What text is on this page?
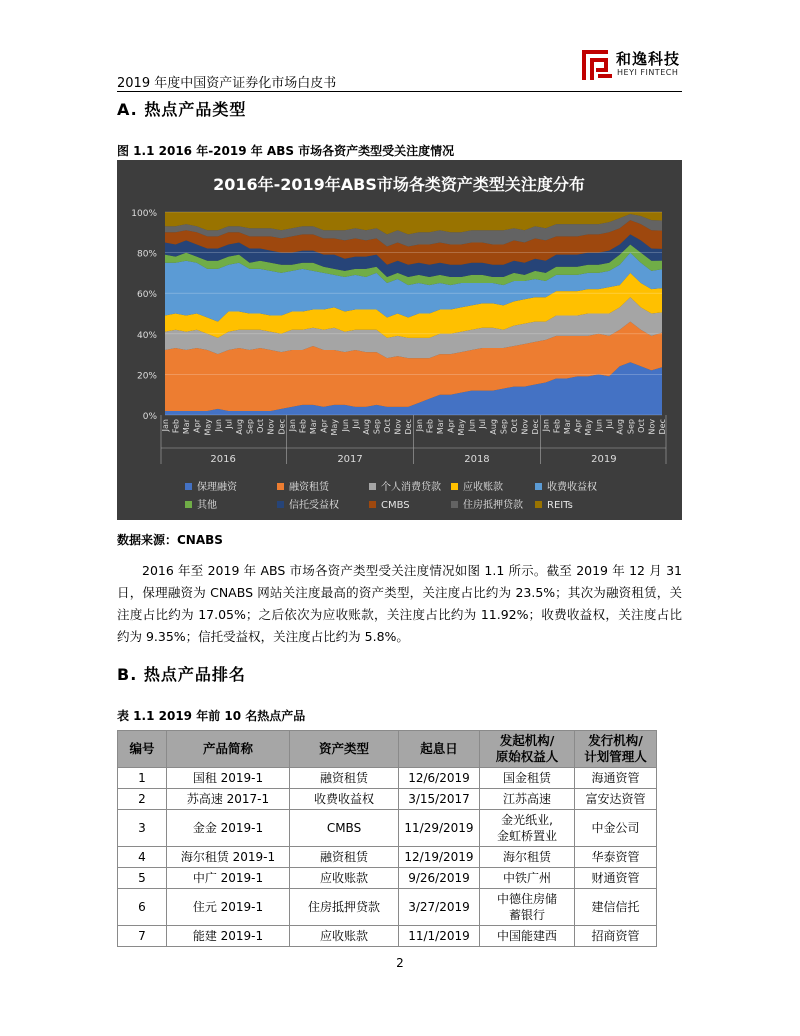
2019 年度中国资产证券化市场白皮书
和逸科技
HEYI FINTECH
A. 热点产品类型
图 1.1 2016 年-2019 年 ABS 市场各资产类型受关注度情况
2016年-2019年ABS市场各类资产类型关注度分布
0%
20%
40%
60%
80%
100%
Jan Feb Mar Apr May Jun Jul Aug Sep Oct Nov Dec Jan Feb Mar Apr May Jun Jul Aug Sep Oct Nov Dec Jan Feb Mar Apr May Jun Jul Aug Sep Oct Nov Dec Jan Feb Mar Apr May Jun Jul Aug Sep Oct Nov Dec
2016	2017	2018	2019
保理融资	融资租赁	个人消费贷款 应收账款	收费收益权
其他	信托受益权	CMBS	住房抵押贷款 REITs
数据来源：CNABS
2016 年至 2019 年 ABS 市场各资产类型受关注度情况如图 1.1 所示。截至 2019 年 12 月 31 日，保理融资为 CNABS 网站关注度最高的资产类型，关注度占比约为 23.5%；其次为融资租赁，关注度占比约为 17.05%；之后依次为应收账款，关注度占比约为 11.92%；收费收益权，关注度占比约为 9.35%；信托受益权，关注度占比约为 5.8%。
B. 热点产品排名
表 1.1 2019 年前 10 名热点产品
编号	产品简称	资产类型	起息日	发起机构/
原始权益人	发行机构/
计划管理人
1	国租 2019-1	融资租赁	12/6/2019	国金租赁	海通资管
2	苏高速 2017-1	收费收益权	3/15/2017	江苏高速	富安达资管
3	金金 2019-1	CMBS	11/29/2019	金光纸业,
金虹桥置业	中金公司
4	海尔租赁 2019-1	融资租赁	12/19/2019	海尔租赁	华泰资管
5	中广 2019-1	应收账款	9/26/2019	中铁广州	财通资管
6	住元 2019-1	住房抵押贷款	3/27/2019	中德住房储
蓄银行	建信信托
7	能建 2019-1	应收账款	11/1/2019	中国能建西	招商资管
2
